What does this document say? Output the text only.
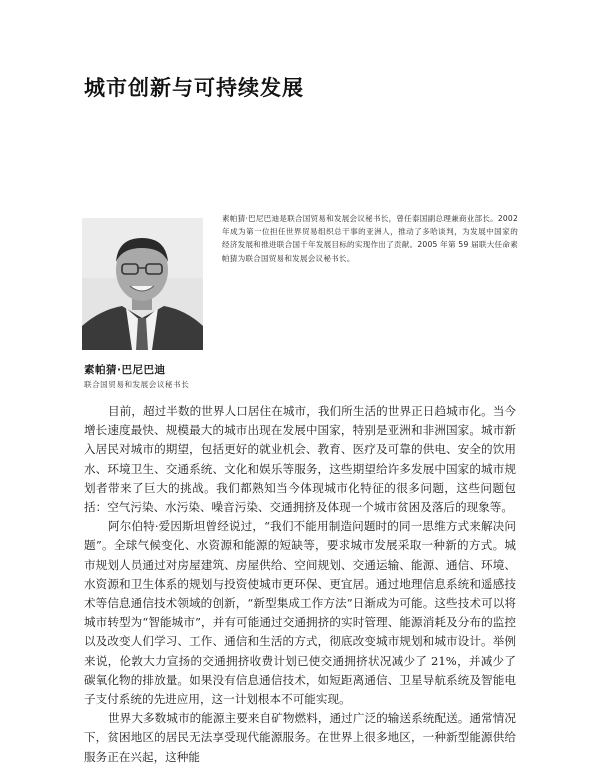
城市创新与可持续发展
素帕猜·巴尼巴迪是联合国贸易和发展会议秘书长，曾任泰国副总理兼商业部长。2002 年成为第一位担任世界贸易组织总干事的亚洲人，推动了多哈谈判，为发展中国家的经济发展和推进联合国千年发展目标的实现作出了贡献。2005 年第 59 届联大任命素帕猜为联合国贸易和发展会议秘书长。
素帕猜·巴尼巴迪
联合国贸易和发展会议秘书长

目前，超过半数的世界人口居住在城市，我们所生活的世界正日趋城市化。当今增长速度最快、规模最大的城市出现在发展中国家，特别是亚洲和非洲国家。城市新入居民对城市的期望，包括更好的就业机会、教育、医疗及可靠的供电、安全的饮用水、环境卫生、交通系统、文化和娱乐等服务，这些期望给许多发展中国家的城市规划者带来了巨大的挑战。我们都熟知当今体现城市化特征的很多问题，这些问题包括：空气污染、水污染、噪音污染、交通拥挤及体现一个城市贫困及落后的现象等。

阿尔伯特·爱因斯坦曾经说过，“我们不能用制造问题时的同一思维方式来解决问题”。全球气候变化、水资源和能源的短缺等，要求城市发展采取一种新的方式。城市规划人员通过对房屋建筑、房屋供给、空间规划、交通运输、能源、通信、环境、水资源和卫生体系的规划与投资使城市更环保、更宜居。通过地理信息系统和遥感技术等信息通信技术领域的创新，“新型集成工作方法”日渐成为可能。这些技术可以将城市转型为“智能城市”，并有可能通过交通拥挤的实时管理、能源消耗及分布的监控以及改变人们学习、工作、通信和生活的方式，彻底改变城市规划和城市设计。举例来说，伦敦大力宣扬的交通拥挤收费计划已使交通拥挤状况减少了 21%，并减少了碳氧化物的排放量。如果没有信息通信技术，如短距离通信、卫星导航系统及智能电子支付系统的先进应用，这一计划根本不可能实现。

世界大多数城市的能源主要来自矿物燃料，通过广泛的输送系统配送。通常情况下，贫困地区的居民无法享受现代能源服务。在世界上很多地区，一种新型能源供给服务正在兴起，这种能
